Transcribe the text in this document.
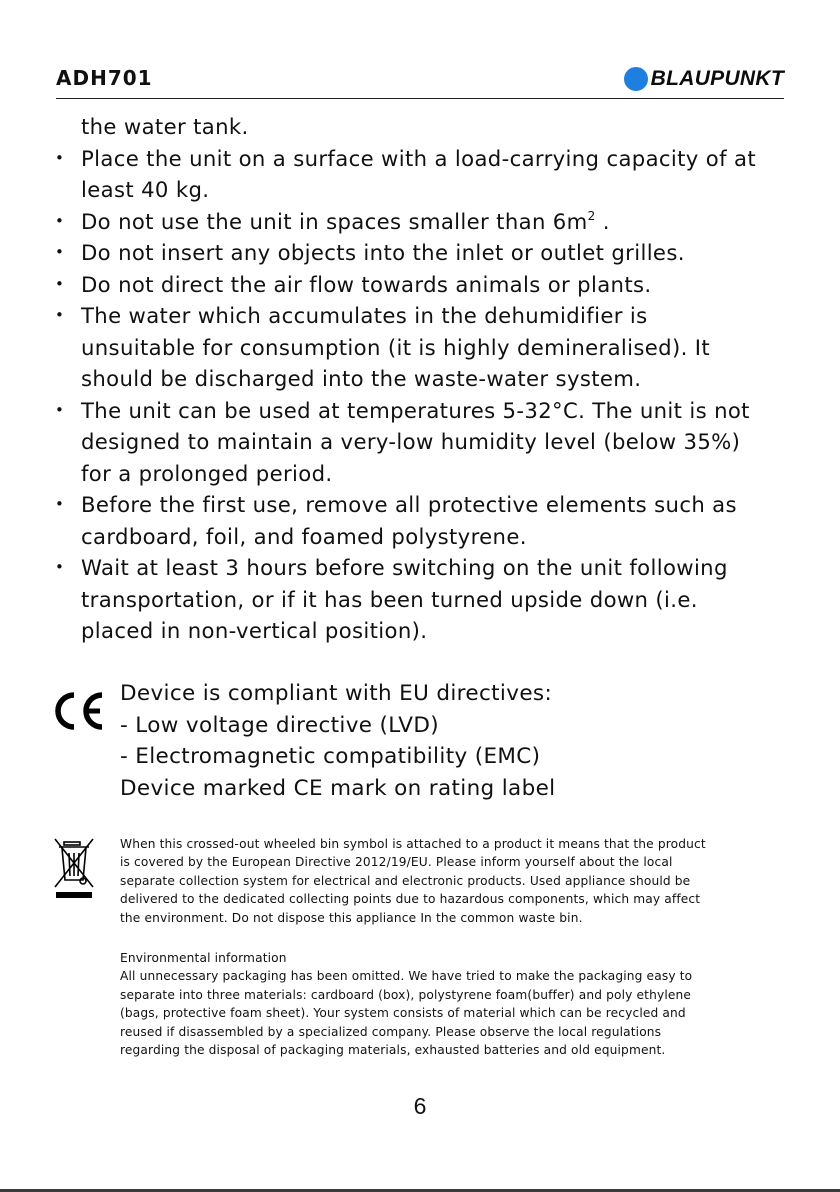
ADH701	BLAUPUNKT
the water tank.
• Place the unit on a surface with a load-carrying capacity of at
least 40 kg.
• Do not use the unit in spaces smaller than $6m^2$ .
• Do not insert any objects into the inlet or outlet grilles.
• Do not direct the air flow towards animals or plants.
• The water which accumulates in the dehumidifier is
unsuitable for consumption (it is highly demineralised). It
should be discharged into the waste-water system.
• The unit can be used at temperatures 5-32°C. The unit is not
designed to maintain a very-low humidity level (below 35%)
for a prolonged period.
• Before the first use, remove all protective elements such as
cardboard, foil, and foamed polystyrene.
• Wait at least 3 hours before switching on the unit following
transportation, or if it has been turned upside down (i.e.
placed in non-vertical position).
Device is compliant with EU directives:
- Low voltage directive (LVD)
- Electromagnetic compatibility (EMC)
Device marked CE mark on rating label
When this crossed-out wheeled bin symbol is attached to a product it means that the product
is covered by the European Directive 2012/19/EU. Please inform yourself about the local
separate collection system for electrical and electronic products. Used appliance should be
delivered to the dedicated collecting points due to hazardous components, which may affect
the environment. Do not dispose this appliance In the common waste bin.
Environmental information
All unnecessary packaging has been omitted. We have tried to make the packaging easy to
separate into three materials: cardboard (box), polystyrene foam(buffer) and poly ethylene
(bags, protective foam sheet). Your system consists of material which can be recycled and
reused if disassembled by a specialized company. Please observe the local regulations
regarding the disposal of packaging materials, exhausted batteries and old equipment.
6
